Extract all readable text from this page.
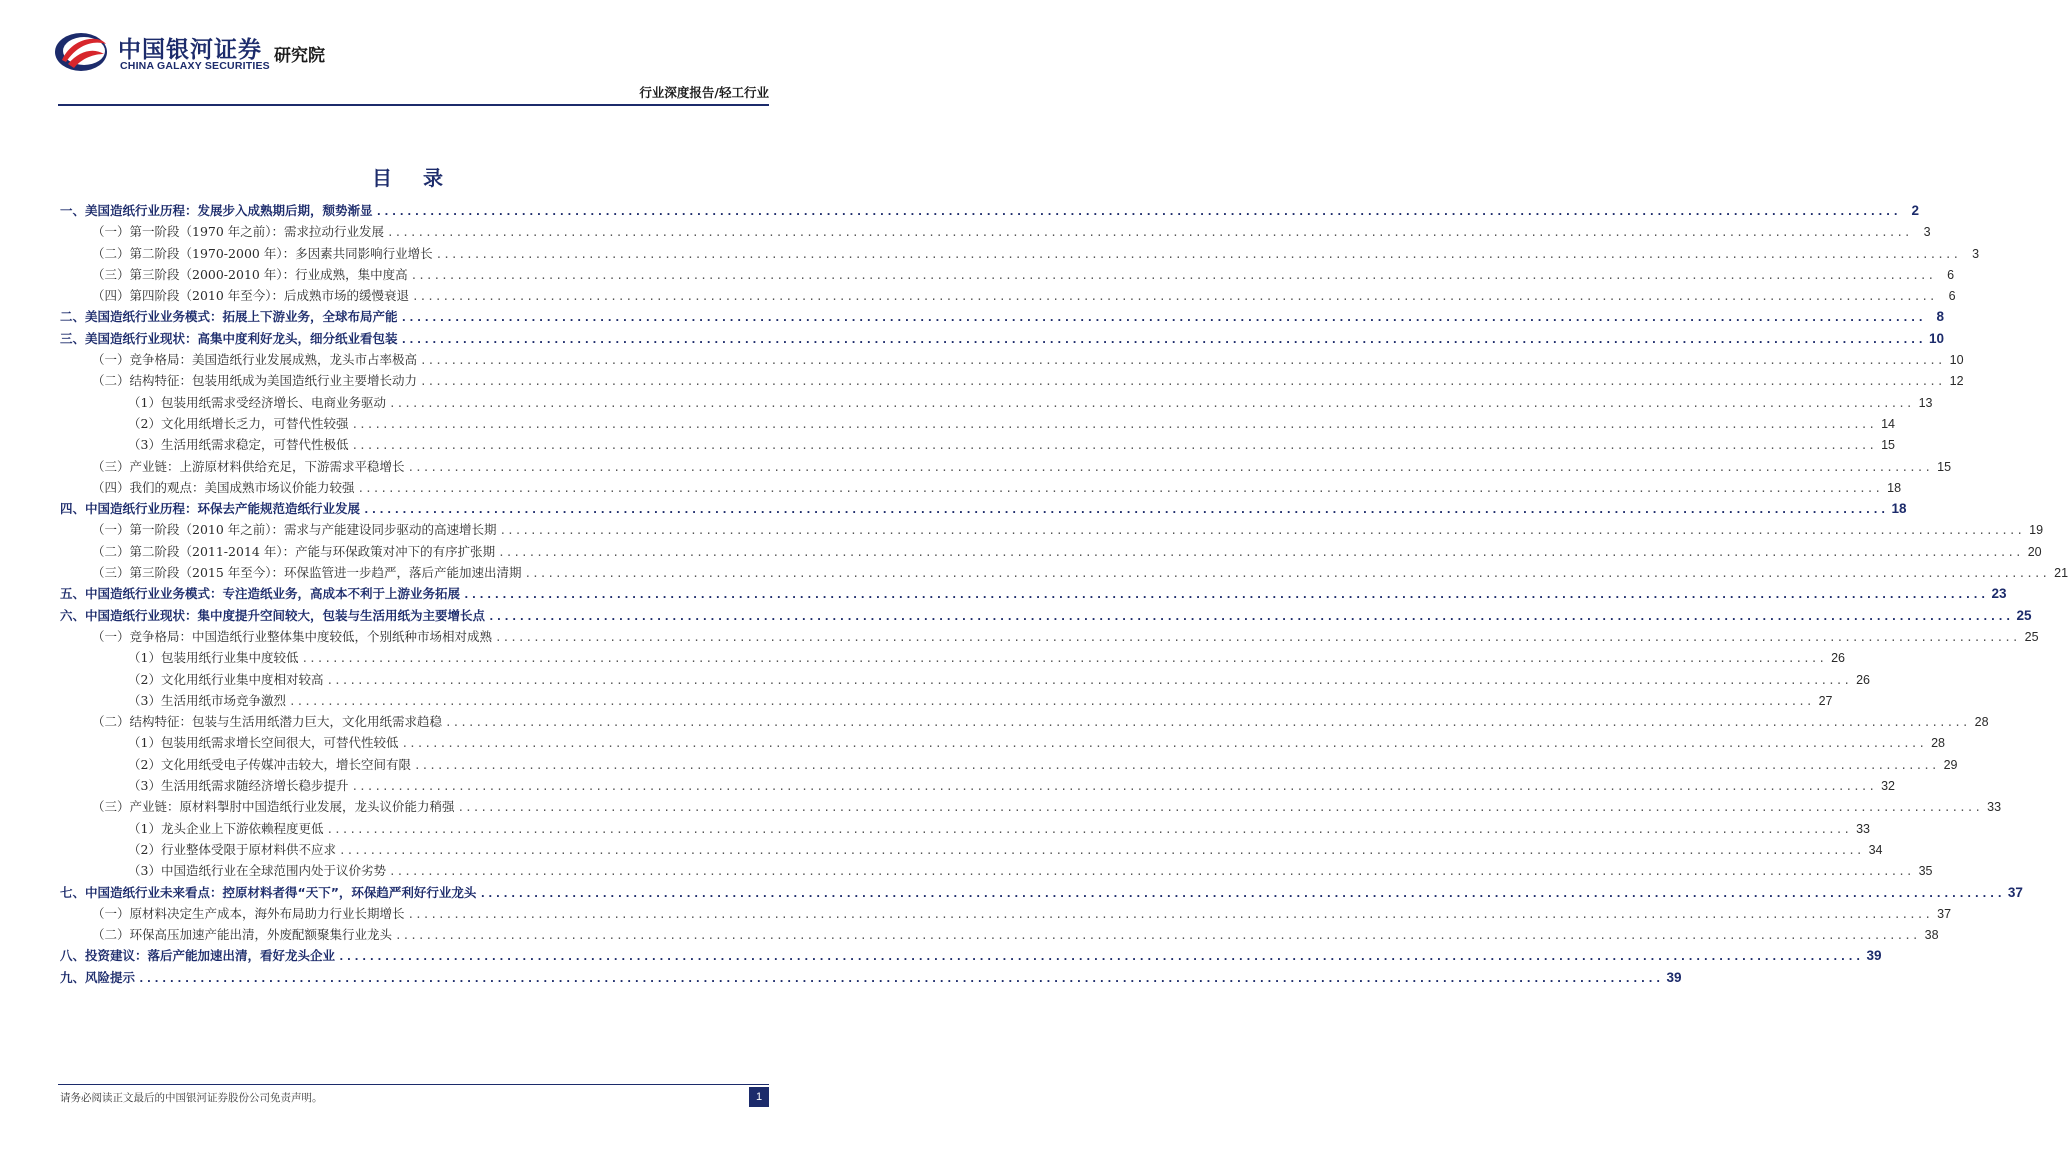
中国银河证券
CHINA GALAXY SECURITIES 研究院
行业深度报告/轻工行业
目 录
一、美国造纸行业历程：发展步入成熟期后期，颓势渐显 ........................................................................................................................................................................................................ 2
（一）第一阶段（1970 年之前）：需求拉动行业发展 ........................................................................................................................................................................................................ 3
（二）第二阶段（1970-2000 年）：多因素共同影响行业增长 ........................................................................................................................................................................................................ 3
（三）第三阶段（2000-2010 年）：行业成熟，集中度高 ........................................................................................................................................................................................................ 6
（四）第四阶段（2010 年至今）：后成熟市场的缓慢衰退 ........................................................................................................................................................................................................ 6
二、美国造纸行业业务模式：拓展上下游业务，全球布局产能 ........................................................................................................................................................................................................ 8
三、美国造纸行业现状：高集中度利好龙头，细分纸业看包装 ........................................................................................................................................................................................................ 10
（一）竞争格局：美国造纸行业发展成熟，龙头市占率极高 ........................................................................................................................................................................................................ 10
（二）结构特征：包装用纸成为美国造纸行业主要增长动力 ........................................................................................................................................................................................................ 12
（1）包装用纸需求受经济增长、电商业务驱动 ........................................................................................................................................................................................................ 13
（2）文化用纸增长乏力，可替代性较强 ........................................................................................................................................................................................................ 14
（3）生活用纸需求稳定，可替代性极低 ........................................................................................................................................................................................................ 15
（三）产业链：上游原材料供给充足，下游需求平稳增长 ........................................................................................................................................................................................................ 15
（四）我们的观点：美国成熟市场议价能力较强 ........................................................................................................................................................................................................ 18
四、中国造纸行业历程：环保去产能规范造纸行业发展 ........................................................................................................................................................................................................ 18
（一）第一阶段（2010 年之前）：需求与产能建设同步驱动的高速增长期 ........................................................................................................................................................................................................ 19
（二）第二阶段（2011-2014 年）：产能与环保政策对冲下的有序扩张期 ........................................................................................................................................................................................................ 20
（三）第三阶段（2015 年至今）：环保监管进一步趋严，落后产能加速出清期 ........................................................................................................................................................................................................ 21
五、中国造纸行业业务模式：专注造纸业务，高成本不利于上游业务拓展 ........................................................................................................................................................................................................ 23
六、中国造纸行业现状：集中度提升空间较大，包装与生活用纸为主要增长点 ........................................................................................................................................................................................................ 25
（一）竞争格局：中国造纸行业整体集中度较低，个别纸种市场相对成熟 ........................................................................................................................................................................................................ 25
（1）包装用纸行业集中度较低 ........................................................................................................................................................................................................ 26
（2）文化用纸行业集中度相对较高 ........................................................................................................................................................................................................ 26
（3）生活用纸市场竞争激烈 ........................................................................................................................................................................................................ 27
（二）结构特征：包装与生活用纸潜力巨大，文化用纸需求趋稳 ........................................................................................................................................................................................................ 28
（1）包装用纸需求增长空间很大，可替代性较低 ........................................................................................................................................................................................................ 28
（2）文化用纸受电子传媒冲击较大，增长空间有限 ........................................................................................................................................................................................................ 29
（3）生活用纸需求随经济增长稳步提升 ........................................................................................................................................................................................................ 32
（三）产业链：原材料掣肘中国造纸行业发展，龙头议价能力稍强 ........................................................................................................................................................................................................ 33
（1）龙头企业上下游依赖程度更低 ........................................................................................................................................................................................................ 33
（2）行业整体受限于原材料供不应求 ........................................................................................................................................................................................................ 34
（3）中国造纸行业在全球范围内处于议价劣势 ........................................................................................................................................................................................................ 35
七、中国造纸行业未来看点：控原材料者得“天下”，环保趋严利好行业龙头 ........................................................................................................................................................................................................ 37
（一）原材料决定生产成本，海外布局助力行业长期增长 ........................................................................................................................................................................................................ 37
（二）环保高压加速产能出清，外废配额聚集行业龙头 ........................................................................................................................................................................................................ 38
八、投资建议：落后产能加速出清，看好龙头企业 ........................................................................................................................................................................................................ 39
九、风险提示 ........................................................................................................................................................................................................ 39
请务必阅读正文最后的中国银河证券股份公司免责声明。	1
